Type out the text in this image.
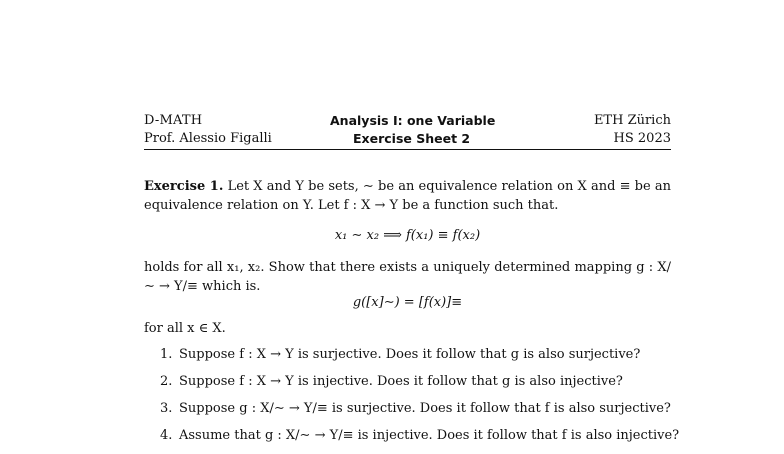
D-MATH
Prof. Alessio Figalli
Analysis I: one Variable
Exercise Sheet 2
ETH Zürich
HS 2023
Exercise 1. Let X and Y be sets, ∼ be an equivalence relation on X and ≡ be an equivalence relation on Y. Let f : X → Y be a function such that.
x₁ ∼ x₂ ⟹ f(x₁) ≡ f(x₂)
holds for all x₁, x₂. Show that there exists a uniquely determined mapping g : X/∼ → Y/≡ which is.
g([x]∼) = [f(x)]≡
for all x ∈ X.
1. Suppose f : X → Y is surjective. Does it follow that g is also surjective?
2. Suppose f : X → Y is injective. Does it follow that g is also injective?
3. Suppose g : X/∼ → Y/≡ is surjective. Does it follow that f is also surjective?
4. Assume that g : X/∼ → Y/≡ is injective. Does it follow that f is also injective?
